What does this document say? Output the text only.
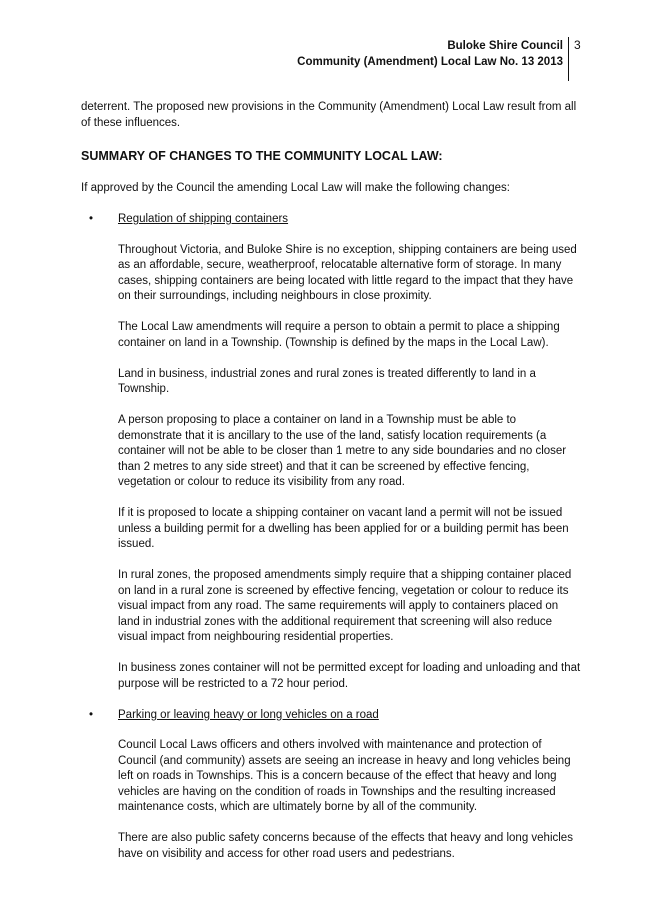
Buloke Shire Council
Community (Amendment) Local Law No. 13 2013
3

deterrent. The proposed new provisions in the Community (Amendment) Local Law result from all of these influences.

SUMMARY OF CHANGES TO THE COMMUNITY LOCAL LAW:

If approved by the Council the amending Local Law will make the following changes:

• Regulation of shipping containers

Throughout Victoria, and Buloke Shire is no exception, shipping containers are being used as an affordable, secure, weatherproof, relocatable alternative form of storage. In many cases, shipping containers are being located with little regard to the impact that they have on their surroundings, including neighbours in close proximity.

The Local Law amendments will require a person to obtain a permit to place a shipping container on land in a Township. (Township is defined by the maps in the Local Law).

Land in business, industrial zones and rural zones is treated differently to land in a Township.

A person proposing to place a container on land in a Township must be able to demonstrate that it is ancillary to the use of the land, satisfy location requirements (a container will not be able to be closer than 1 metre to any side boundaries and no closer than 2 metres to any side street) and that it can be screened by effective fencing, vegetation or colour to reduce its visibility from any road.

If it is proposed to locate a shipping container on vacant land a permit will not be issued unless a building permit for a dwelling has been applied for or a building permit has been issued.

In rural zones, the proposed amendments simply require that a shipping container placed on land in a rural zone is screened by effective fencing, vegetation or colour to reduce its visual impact from any road. The same requirements will apply to containers placed on land in industrial zones with the additional requirement that screening will also reduce visual impact from neighbouring residential properties.

In business zones container will not be permitted except for loading and unloading and that purpose will be restricted to a 72 hour period.

• Parking or leaving heavy or long vehicles on a road

Council Local Laws officers and others involved with maintenance and protection of Council (and community) assets are seeing an increase in heavy and long vehicles being left on roads in Townships. This is a concern because of the effect that heavy and long vehicles are having on the condition of roads in Townships and the resulting increased maintenance costs, which are ultimately borne by all of the community.

There are also public safety concerns because of the effects that heavy and long vehicles have on visibility and access for other road users and pedestrians.
